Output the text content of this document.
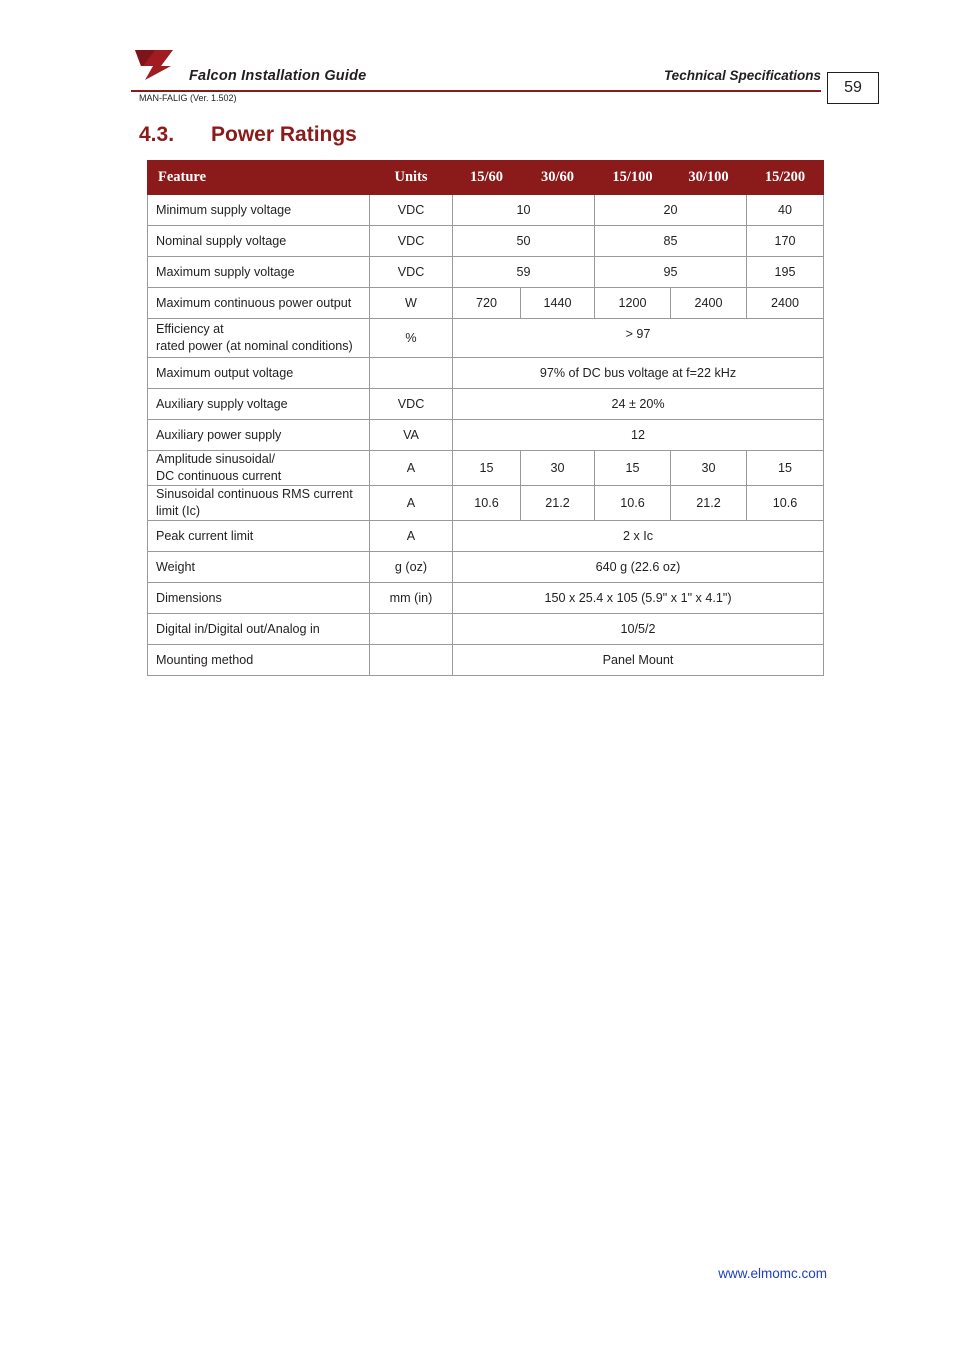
Falcon Installation Guide	Technical Specifications
MAN-FALIG (Ver. 1.502)
59
4.3. Power Ratings
Feature	Units	15/60	30/60	15/100	30/100	15/200

Minimum supply voltage	VDC	10		20		40

Nominal supply voltage	VDC	50		85		170

Maximum supply voltage	VDC	59		95		195

Maximum continuous power output	W	720	1440	1200	2400	2400

Efficiency at
rated power (at nominal conditions)	%	> 97				

Maximum output voltage		97% of DC bus voltage at f=22 kHz				

Auxiliary supply voltage	VDC	24 ± 20%				

Auxiliary power supply	VA	12				

Amplitude sinusoidal/
DC continuous current	A	15	30	15	30	15

Sinusoidal continuous RMS current limit (Ic)	A	10.6	21.2	10.6	21.2	10.6

Peak current limit	A	2 x Ic				

Weight	g (oz)	640 g (22.6 oz)				

Dimensions	mm (in)	150 x 25.4 x 105 (5.9" x 1" x 4.1")				

Digital in/Digital out/Analog in		10/5/2				

Mounting method		Panel Mount				
www.elmomc.com
